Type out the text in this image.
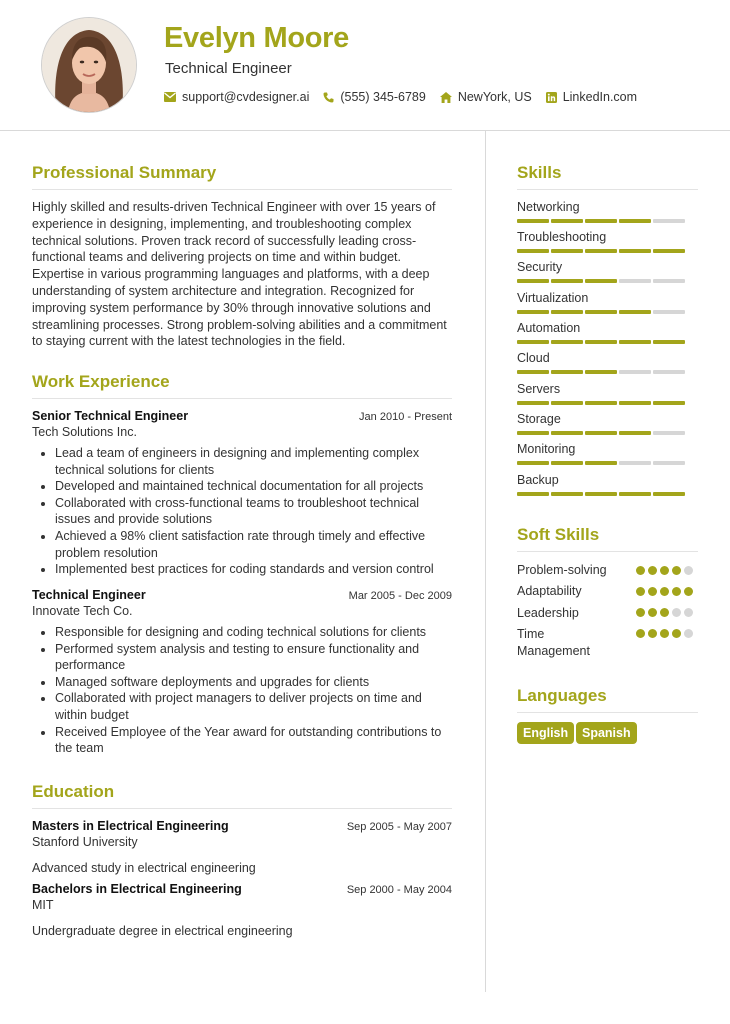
Evelyn Moore
Technical Engineer
support@cvdesigner.ai (555) 345-6789	NewYork, US LinkedIn.com
Professional Summary
Highly skilled and results-driven Technical Engineer with over 15 years of experience in designing, implementing, and troubleshooting complex technical solutions. Proven track record of successfully leading cross-functional teams and delivering projects on time and within budget. Expertise in various programming languages and platforms, with a deep understanding of system architecture and integration. Recognized for improving system performance by 30% through innovative solutions and streamlining processes. Strong problem-solving abilities and a commitment to staying current with the latest technologies in the field.
Work Experience
Senior Technical Engineer	Jan 2010 - Present
Tech Solutions Inc.
• Lead a team of engineers in designing and implementing complex technical solutions for clients
• Developed and maintained technical documentation for all projects
• Collaborated with cross-functional teams to troubleshoot technical issues and provide solutions
• Achieved a 98% client satisfaction rate through timely and effective problem resolution
• Implemented best practices for coding standards and version control
Technical Engineer	Mar 2005 - Dec 2009
Innovate Tech Co.
• Responsible for designing and coding technical solutions for clients
• Performed system analysis and testing to ensure functionality and performance
• Managed software deployments and upgrades for clients
• Collaborated with project managers to deliver projects on time and within budget
• Received Employee of the Year award for outstanding contributions to the team
Education
Masters in Electrical Engineering	Sep 2005 - May 2007
Stanford University
Advanced study in electrical engineering
Bachelors in Electrical Engineering	Sep 2000 - May 2004
MIT
Undergraduate degree in electrical engineering
Skills
Networking
Troubleshooting
Security
Virtualization
Automation
Cloud
Servers
Storage
Monitoring
Backup
Soft Skills
Problem-solving
Adaptability
Leadership
Time Management
Languages
English	Spanish
